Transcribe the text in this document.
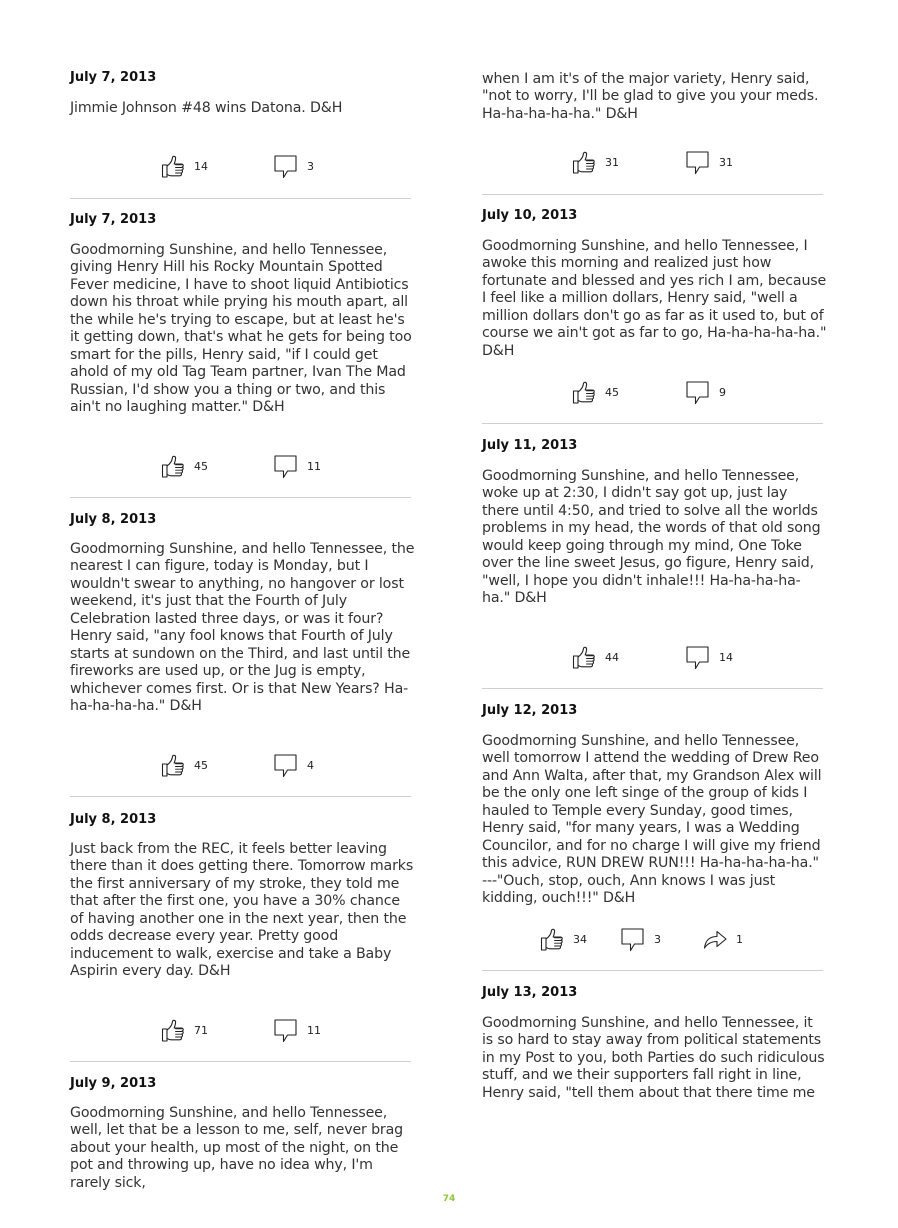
July 7, 2013

Jimmie Johnson #48 wins Datona. D&H

14	3
July 7, 2013

Goodmorning Sunshine, and hello Tennessee, giving Henry Hill his Rocky Mountain Spotted Fever medicine, I have to shoot liquid Antibiotics down his throat while prying his mouth apart, all the while he's trying to escape, but at least he's it getting down, that's what he gets for being too smart for the pills, Henry said, "if I could get ahold of my old Tag Team partner, Ivan The Mad Russian, I'd show you a thing or two, and this ain't no laughing matter." D&H

45	11
July 8, 2013

Goodmorning Sunshine, and hello Tennessee, the nearest I can figure, today is Monday, but I wouldn't swear to anything, no hangover or lost weekend, it's just that the Fourth of July Celebration lasted three days, or was it four? Henry said, "any fool knows that Fourth of July starts at sundown on the Third, and last until the fireworks are used up, or the Jug is empty, whichever comes first. Or is that New Years? Ha-ha-ha-ha-ha." D&H

45	4
July 8, 2013

Just back from the REC, it feels better leaving there than it does getting there. Tomorrow marks the first anniversary of my stroke, they told me that after the first one, you have a 30% chance of having another one in the next year, then the odds decrease every year. Pretty good inducement to walk, exercise and take a Baby Aspirin every day. D&H

71	11
July 9, 2013

Goodmorning Sunshine, and hello Tennessee, well, let that be a lesson to me, self, never brag about your health, up most of the night, on the pot and throwing up, have no idea why, I'm rarely sick,

when I am it's of the major variety, Henry said, "not to worry, I'll be glad to give you your meds. Ha-ha-ha-ha-ha." D&H

31	31
July 10, 2013

Goodmorning Sunshine, and hello Tennessee, I awoke this morning and realized just how fortunate and blessed and yes rich I am, because I feel like a million dollars, Henry said, "well a million dollars don't go as far as it used to, but of course we ain't got as far to go, Ha-ha-ha-ha-ha." D&H

45	9
July 11, 2013

Goodmorning Sunshine, and hello Tennessee, woke up at 2:30, I didn't say got up, just lay there until 4:50, and tried to solve all the worlds problems in my head, the words of that old song would keep going through my mind, One Toke over the line sweet Jesus, go figure, Henry said, "well, I hope you didn't inhale!!! Ha-ha-ha-ha-ha." D&H

44	14
July 12, 2013

Goodmorning Sunshine, and hello Tennessee, well tomorrow I attend the wedding of Drew Reo and Ann Walta, after that, my Grandson Alex will be the only one left singe of the group of kids I hauled to Temple every Sunday, good times, Henry said, "for many years, I was a Wedding Councilor, and for no charge I will give my friend this advice, RUN DREW RUN!!! Ha-ha-ha-ha-ha." ---"Ouch, stop, ouch, Ann knows I was just kidding, ouch!!!" D&H

34	3	1
July 13, 2013

Goodmorning Sunshine, and hello Tennessee, it is so hard to stay away from political statements in my Post to you, both Parties do such ridiculous stuff, and we their supporters fall right in line, Henry said, "tell them about that there time me

74
